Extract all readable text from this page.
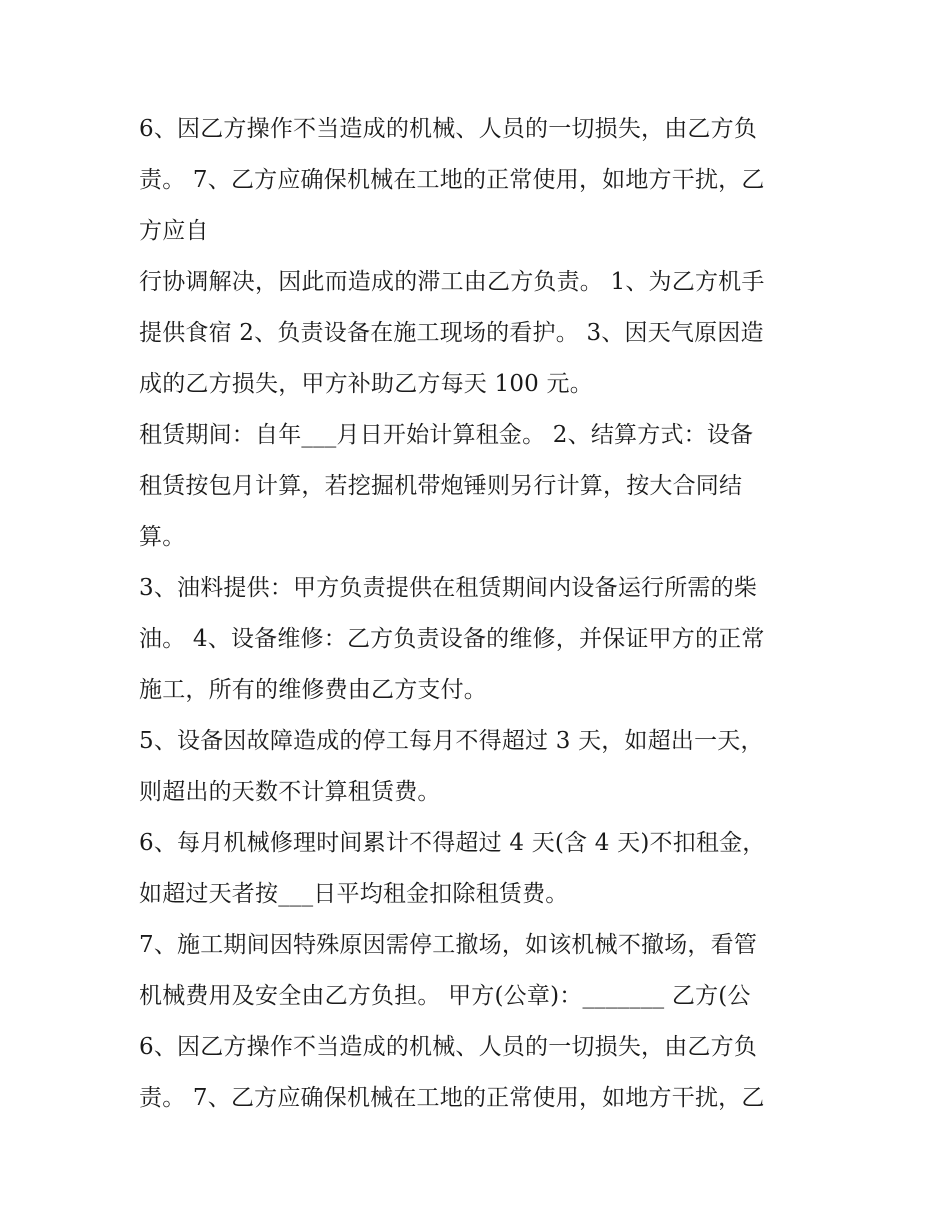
6、因乙方操作不当造成的机械、人员的一切损失，由乙方负
责。 7、乙方应确保机械在工地的正常使用，如地方干扰，乙
方应自
行协调解决，因此而造成的滞工由乙方负责。 1、为乙方机手
提供食宿 2、负责设备在施工现场的看护。 3、因天气原因造
成的乙方损失，甲方补助乙方每天 100 元。
租赁期间：自年___月日开始计算租金。 2、结算方式：设备
租赁按包月计算，若挖掘机带炮锤则另行计算，按大合同结
算。
3、油料提供：甲方负责提供在租赁期间内设备运行所需的柴
油。 4、设备维修：乙方负责设备的维修，并保证甲方的正常
施工，所有的维修费由乙方支付。
5、设备因故障造成的停工每月不得超过 3 天，如超出一天，
则超出的天数不计算租赁费。
6、每月机械修理时间累计不得超过 4 天(含 4 天)不扣租金，
如超过天者按___日平均租金扣除租赁费。
7、施工期间因特殊原因需停工撤场，如该机械不撤场，看管
机械费用及安全由乙方负担。 甲方(公章)：_______ 乙方(公
6、因乙方操作不当造成的机械、人员的一切损失，由乙方负
责。 7、乙方应确保机械在工地的正常使用，如地方干扰，乙
